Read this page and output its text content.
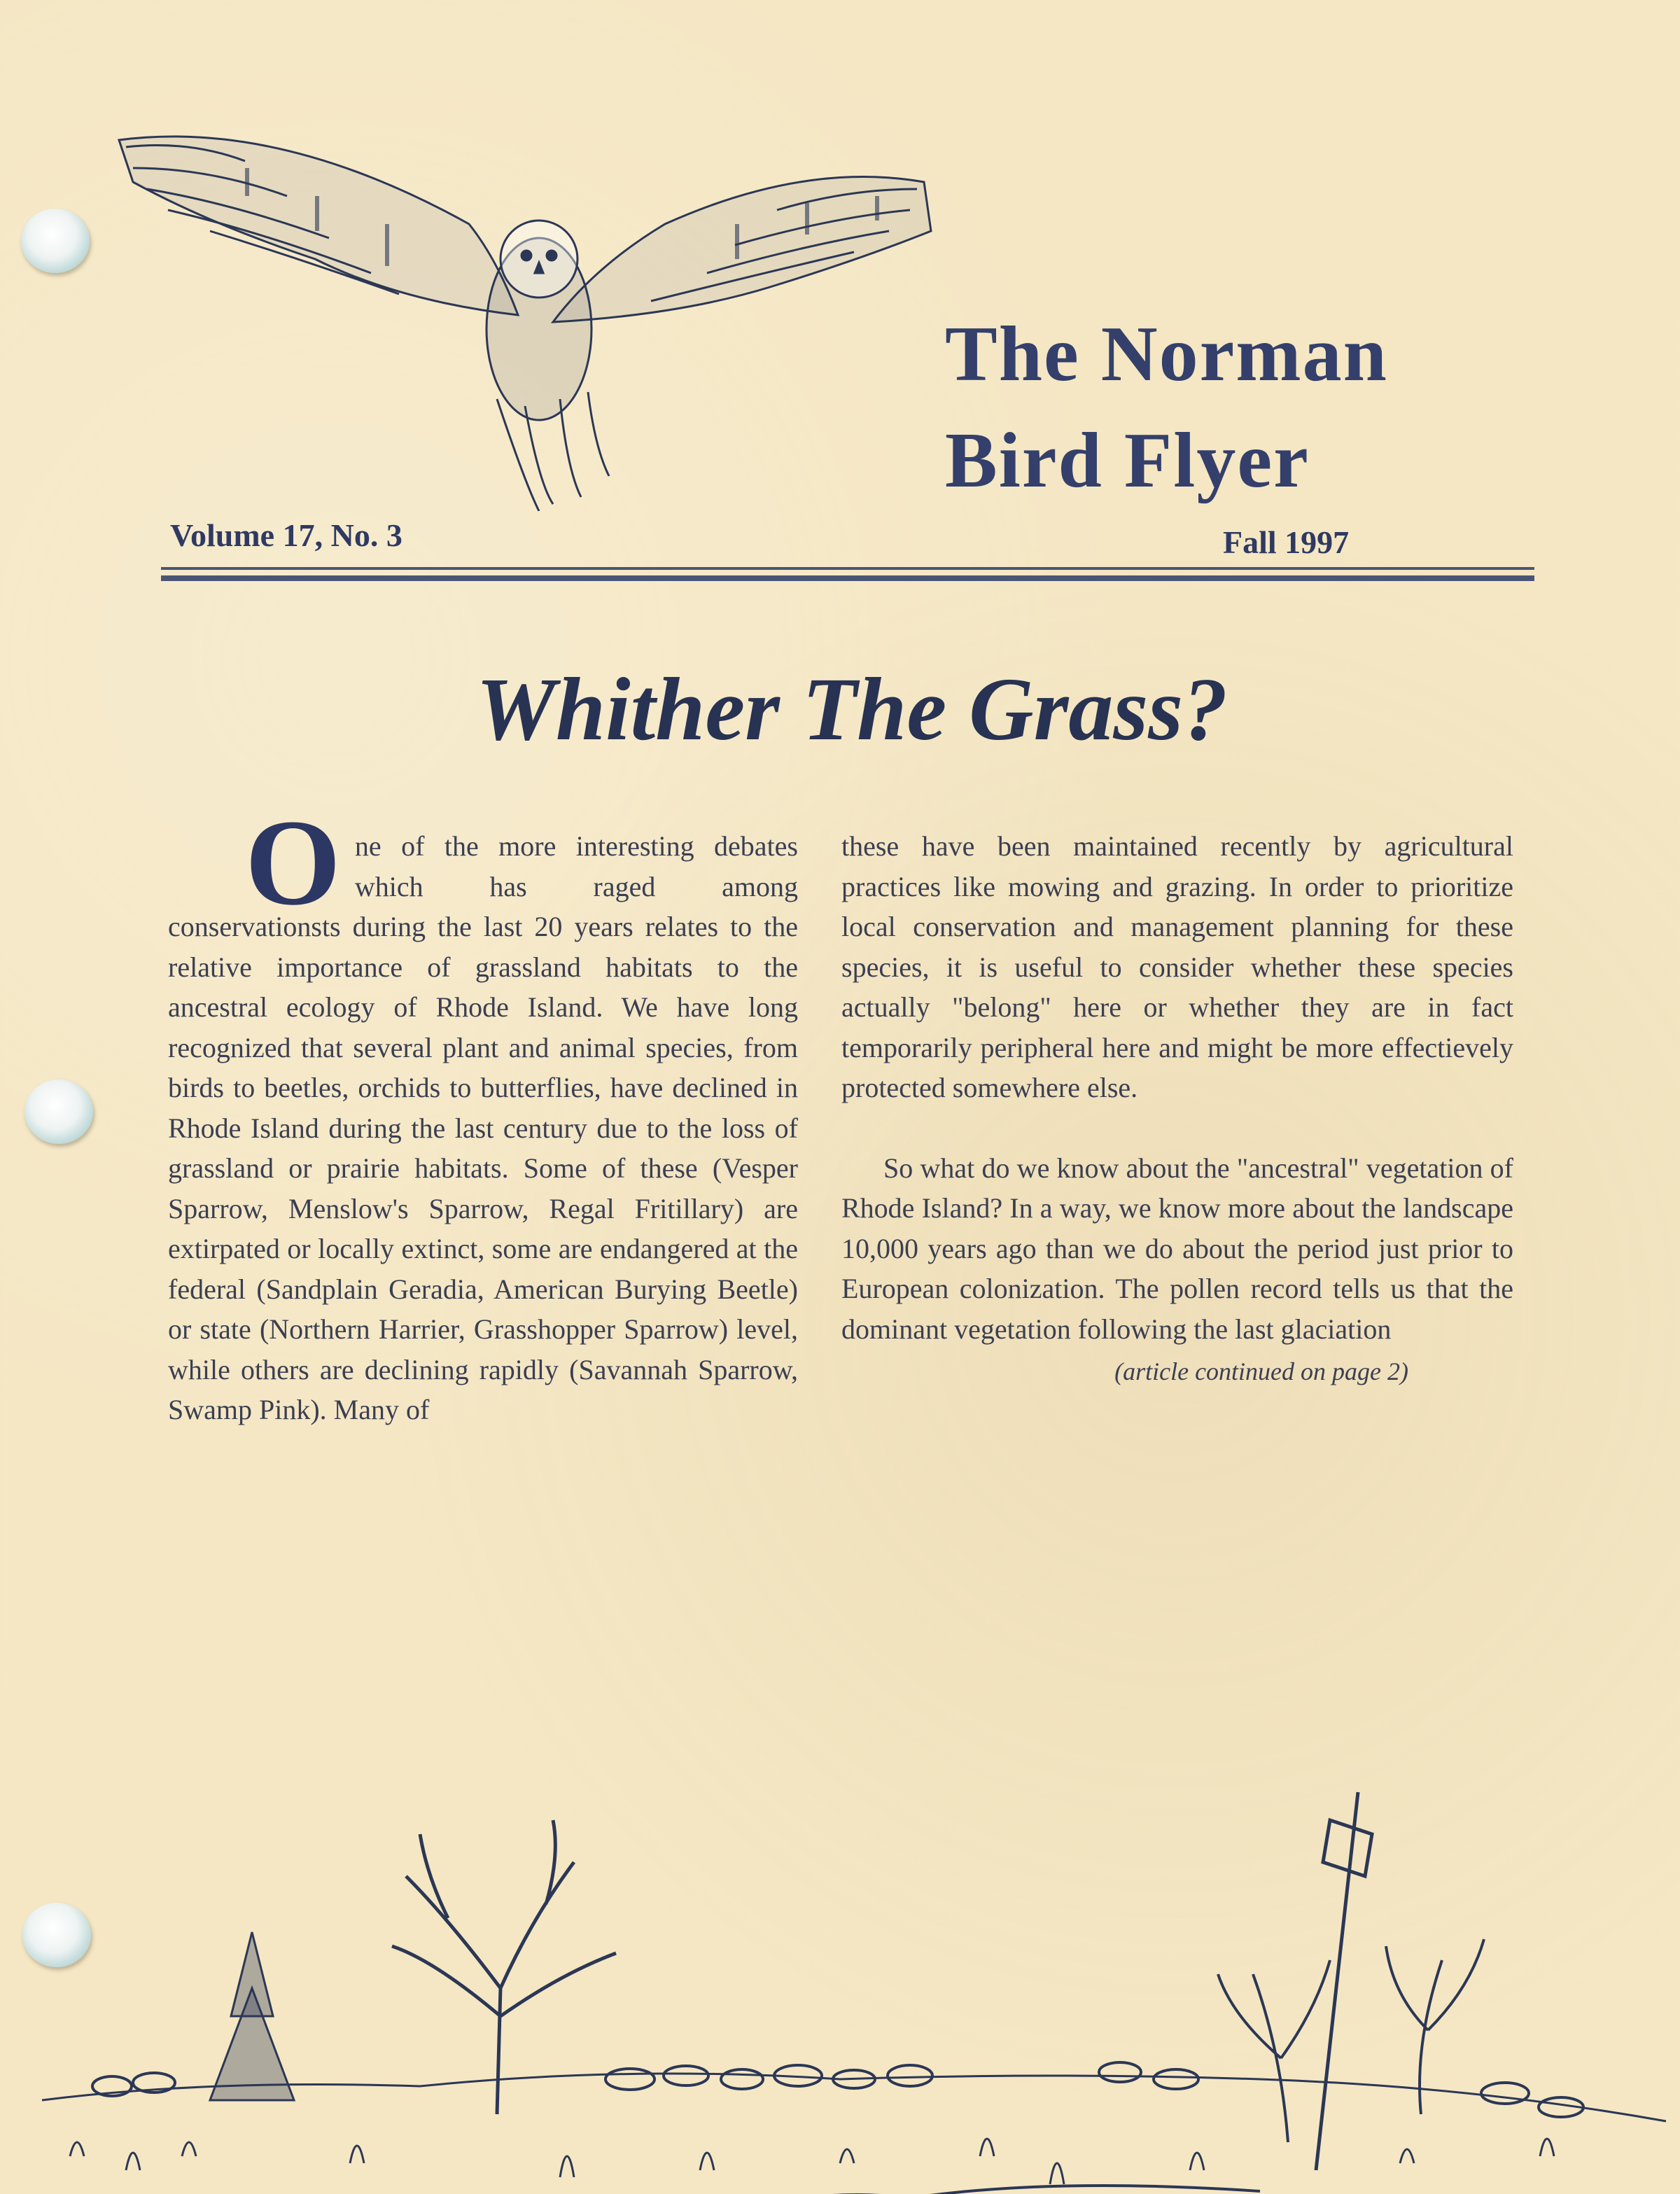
The Norman
Bird Flyer
Volume 17, No. 3	Fall 1997
Whither The Grass?
O ne of the more interesting debates which has raged among conservationsts during the last 20 years relates to the relative importance of grassland habitats to the ancestral ecology of Rhode Island. We have long recognized that several plant and animal species, from birds to beetles, orchids to butterflies, have declined in Rhode Island during the last century due to the loss of grassland or prairie habitats. Some of these (Vesper Sparrow, Menslow's Sparrow, Regal Fritillary) are extirpated or locally extinct, some are endangered at the federal (Sandplain Geradia, American Burying Beetle) or state (Northern Harrier, Grasshopper Sparrow) level, while others are declining rapidly (Savannah Sparrow, Swamp Pink). Many of

these have been maintained recently by agricultural practices like mowing and grazing. In order to prioritize local conservation and management planning for these species, it is useful to consider whether these species actually "belong" here or whether they are in fact temporarily peripheral here and might be more effectievely protected somewhere else.

So what do we know about the "ancestral" vegetation of Rhode Island? In a way, we know more about the landscape 10,000 years ago than we do about the period just prior to European colonization. The pollen record tells us that the dominant vegetation following the last glaciation

(article continued on page 2)
